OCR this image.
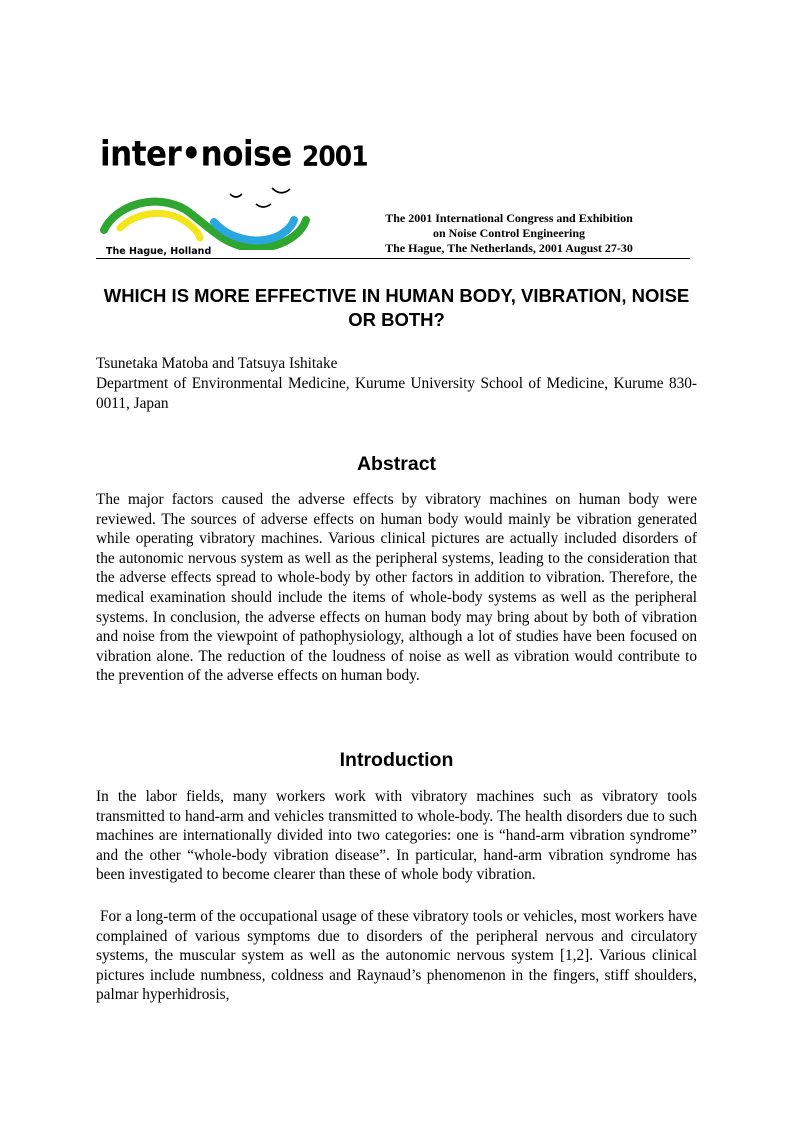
inter•noise 2001
The Hague, Holland
The 2001 International Congress and Exhibition
on Noise Control Engineering
The Hague, The Netherlands, 2001 August 27-30
WHICH IS MORE EFFECTIVE IN HUMAN BODY, VIBRATION, NOISE OR BOTH?
Tsunetaka Matoba and Tatsuya Ishitake
Department of Environmental Medicine, Kurume University School of Medicine, Kurume 830-0011, Japan
Abstract

The major factors caused the adverse effects by vibratory machines on human body were reviewed. The sources of adverse effects on human body would mainly be vibration generated while operating vibratory machines. Various clinical pictures are actually included disorders of the autonomic nervous system as well as the peripheral systems, leading to the consideration that the adverse effects spread to whole-body by other factors in addition to vibration. Therefore, the medical examination should include the items of whole-body systems as well as the peripheral systems. In conclusion, the adverse effects on human body may bring about by both of vibration and noise from the viewpoint of pathophysiology, although a lot of studies have been focused on vibration alone. The reduction of the loudness of noise as well as vibration would contribute to the prevention of the adverse effects on human body.

Introduction

In the labor fields, many workers work with vibratory machines such as vibratory tools transmitted to hand-arm and vehicles transmitted to whole-body. The health disorders due to such machines are internationally divided into two categories: one is “hand-arm vibration syndrome” and the other “whole-body vibration disease”. In particular, hand-arm vibration syndrome has been investigated to become clearer than these of whole body vibration.

For a long-term of the occupational usage of these vibratory tools or vehicles, most workers have complained of various symptoms due to disorders of the peripheral nervous and circulatory systems, the muscular system as well as the autonomic nervous system [1,2]. Various clinical pictures include numbness, coldness and Raynaud’s phenomenon in the fingers, stiff shoulders, palmar hyperhidrosis,
